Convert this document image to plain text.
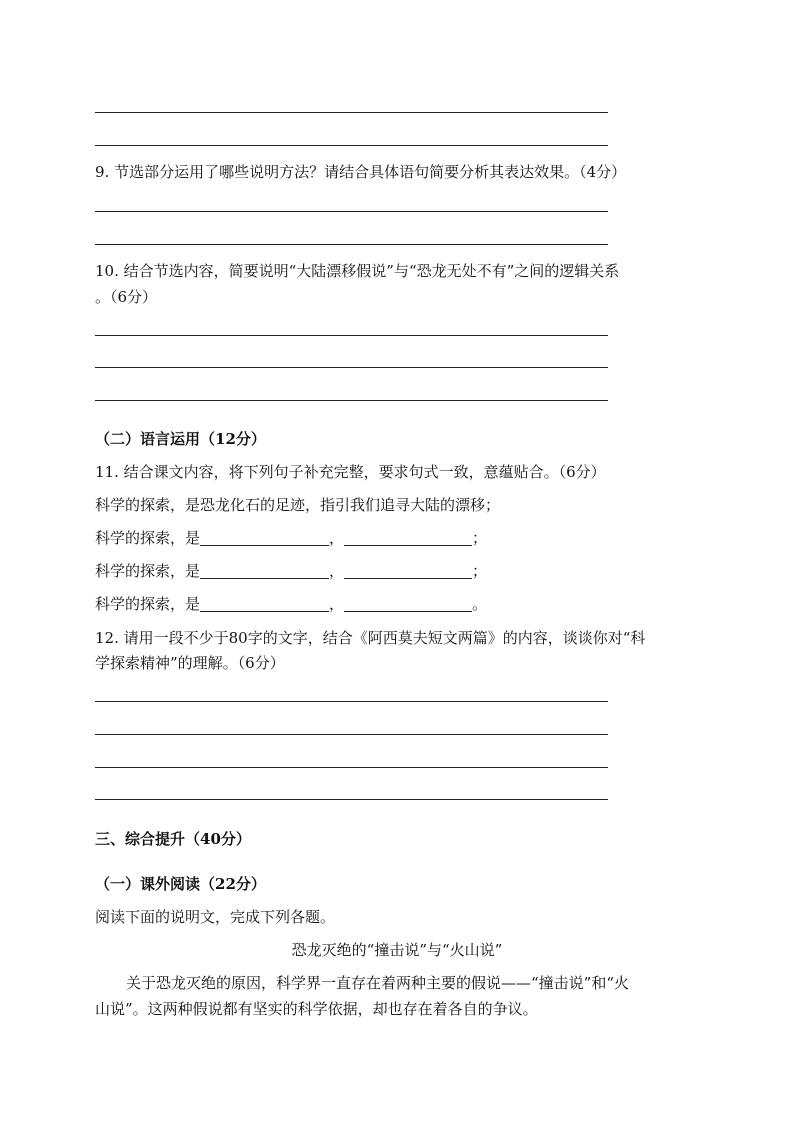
9. 节选部分运用了哪些说明方法？请结合具体语句简要分析其表达效果。（4分）
10. 结合节选内容，简要说明“大陆漂移假说”与“恐龙无处不有”之间的逻辑关系
。（6分）
（二）语言运用（12分）
11. 结合课文内容，将下列句子补充完整，要求句式一致，意蕴贴合。（6分）
科学的探索，是恐龙化石的足迹，指引我们追寻大陆的漂移；
科学的探索，是	，	；
科学的探索，是	，	；
科学的探索，是	，	。
12. 请用一段不少于80字的文字，结合《阿西莫夫短文两篇》的内容，谈谈你对“科
学探索精神”的理解。（6分）
三、综合提升（40分）
（一）课外阅读（22分）
阅读下面的说明文，完成下列各题。
恐龙灭绝的“撞击说”与“火山说”
关于恐龙灭绝的原因，科学界一直存在着两种主要的假说——“撞击说”和“火
山说”。这两种假说都有坚实的科学依据，却也存在着各自的争议。
